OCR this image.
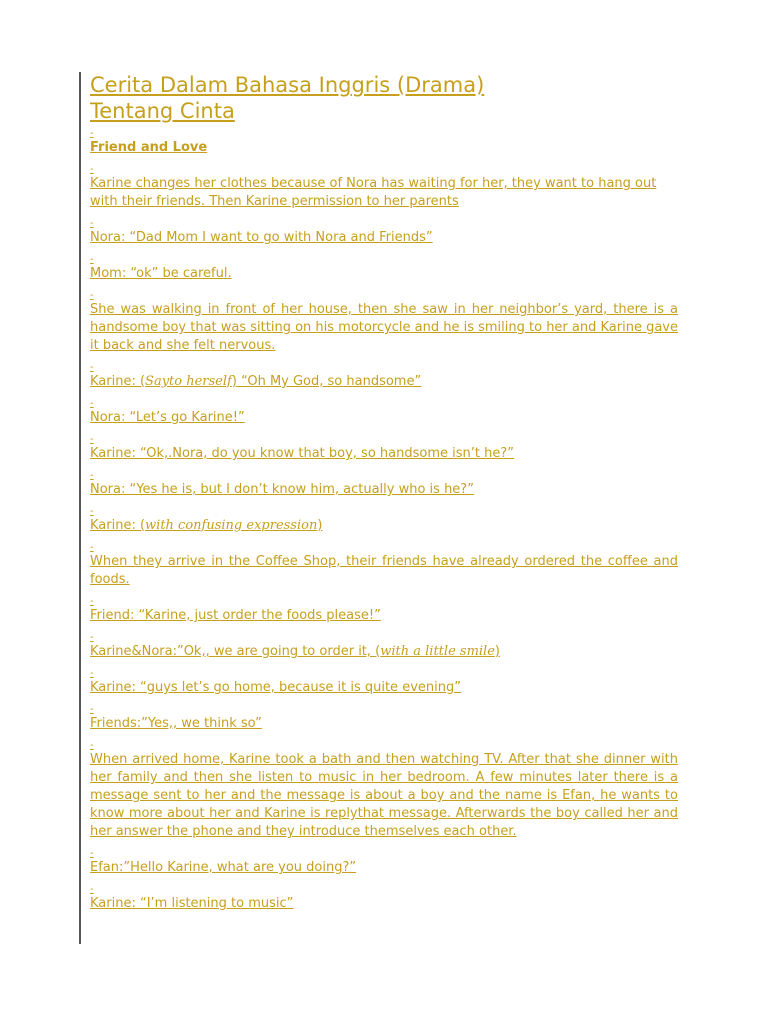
Cerita Dalam Bahasa Inggris (Drama)
Tentang Cinta
-

Friend and Love

-

Karine changes her clothes because of Nora has waiting for her, they want to hang out with their friends. Then Karine permission to her parents

-

Nora: “Dad Mom I want to go with Nora and Friends”

-

Mom: “ok” be careful.

-

She was walking in front of her house, then she saw in her neighbor’s yard, there is a handsome boy that was sitting on his motorcycle and he is smiling to her and Karine gave it back and she felt nervous.

-

Karine: (Sayto herself) “Oh My God, so handsome”

-

Nora: “Let’s go Karine!”

-

Karine: “Ok,.Nora, do you know that boy, so handsome isn’t he?”

-

Nora: “Yes he is, but I don’t know him, actually who is he?”

-

Karine: (with confusing expression)

-

When they arrive in the Coffee Shop, their friends have already ordered the coffee and foods.

-

Friend: “Karine, just order the foods please!”

-

Karine&Nora:”Ok,, we are going to order it, (with a little smile)

-

Karine: “guys let’s go home, because it is quite evening”

-

Friends:”Yes,, we think so”

-

When arrived home, Karine took a bath and then watching TV. After that she dinner with her family and then she listen to music in her bedroom. A few minutes later there is a message sent to her and the message is about a boy and the name is Efan, he wants to know more about her and Karine is replythat message. Afterwards the boy called her and her answer the phone and they introduce themselves each other.

-

Efan:”Hello Karine, what are you doing?”

-

Karine: “I’m listening to music”
